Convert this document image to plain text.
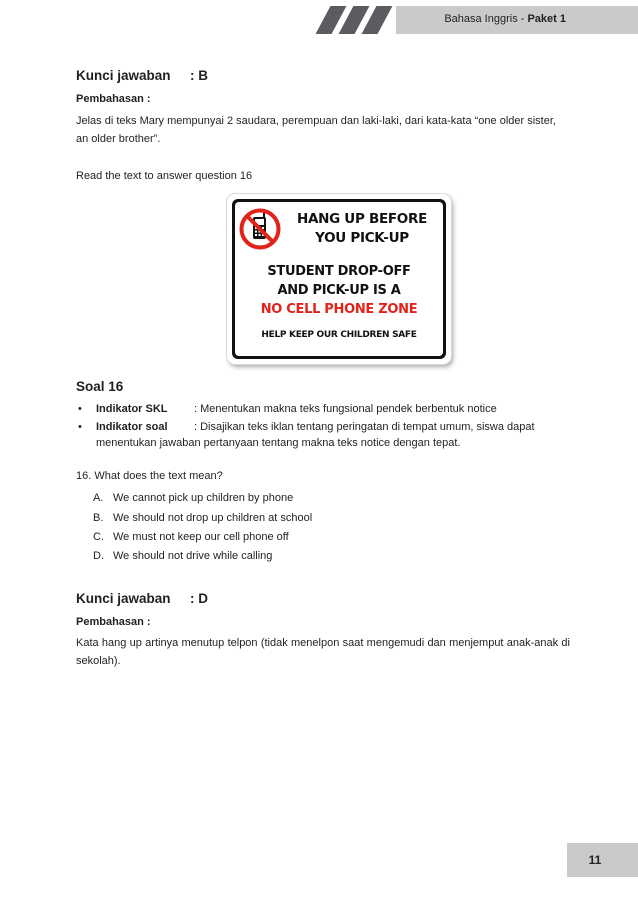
Bahasa Inggris - Paket 1
Kunci jawaban : B
Pembahasan :
Jelas di teks Mary mempunyai 2 saudara, perempuan dan laki-laki, dari kata-kata “one older sister, an older brother”.
Read the text to answer question 16
HANG UP BEFORE
YOU PICK-UP
STUDENT DROP-OFF
AND PICK-UP IS A
NO CELL PHONE ZONE
HELP KEEP OUR CHILDREN SAFE
Soal 16
• Indikator SKL : Menentukan makna teks fungsional pendek berbentuk notice
• Indikator soal : Disajikan teks iklan tentang peringatan di tempat umum, siswa dapat
menentukan jawaban pertanyaan tentang makna teks notice dengan tepat.
16. What does the text mean?
A. We cannot pick up children by phone
B. We should not drop up children at school
C. We must not keep our cell phone off
D. We should not drive while calling
Kunci jawaban : D
Pembahasan :
Kata hang up artinya menutup telpon (tidak menelpon saat mengemudi dan menjemput anak-anak di sekolah).
11
